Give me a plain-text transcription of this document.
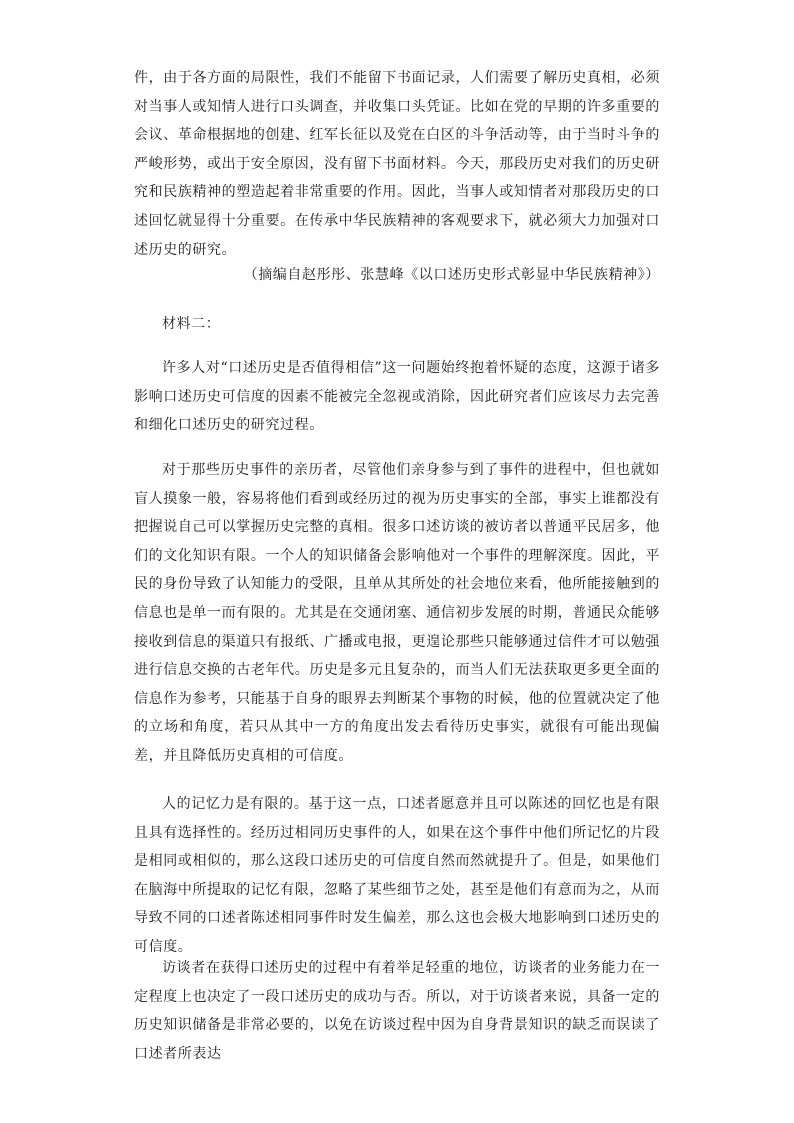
件，由于各方面的局限性，我们不能留下书面记录，人们需要了解历史真相，必须对当事人或知情人进行口头调查，并收集口头凭证。比如在党的早期的许多重要的会议、革命根据地的创建、红军长征以及党在白区的斗争活动等，由于当时斗争的严峻形势，或出于安全原因，没有留下书面材料。今天，那段历史对我们的历史研究和民族精神的塑造起着非常重要的作用。因此，当事人或知情者对那段历史的口述回忆就显得十分重要。在传承中华民族精神的客观要求下，就必须大力加强对口述历史的研究。

（摘编自赵彤彤、张慧峰《以口述历史形式彰显中华民族精神》）
材料二：

许多人对“口述历史是否值得相信”这一问题始终抱着怀疑的态度，这源于诸多影响口述历史可信度的因素不能被完全忽视或消除，因此研究者们应该尽力去完善和细化口述历史的研究过程。

对于那些历史事件的亲历者，尽管他们亲身参与到了事件的进程中，但也就如盲人摸象一般，容易将他们看到或经历过的视为历史事实的全部，事实上谁都没有把握说自己可以掌握历史完整的真相。很多口述访谈的被访者以普通平民居多，他们的文化知识有限。一个人的知识储备会影响他对一个事件的理解深度。因此，平民的身份导致了认知能力的受限，且单从其所处的社会地位来看，他所能接触到的信息也是单一而有限的。尤其是在交通闭塞、通信初步发展的时期，普通民众能够接收到信息的渠道只有报纸、广播或电报，更遑论那些只能够通过信件才可以勉强进行信息交换的古老年代。历史是多元且复杂的，而当人们无法获取更多更全面的信息作为参考，只能基于自身的眼界去判断某个事物的时候，他的位置就决定了他的立场和角度，若只从其中一方的角度出发去看待历史事实，就很有可能出现偏差，并且降低历史真相的可信度。

人的记忆力是有限的。基于这一点，口述者愿意并且可以陈述的回忆也是有限且具有选择性的。经历过相同历史事件的人，如果在这个事件中他们所记忆的片段是相同或相似的，那么这段口述历史的可信度自然而然就提升了。但是，如果他们在脑海中所提取的记忆有限，忽略了某些细节之处，甚至是他们有意而为之，从而导致不同的口述者陈述相同事件时发生偏差，那么这也会极大地影响到口述历史的可信度。

访谈者在获得口述历史的过程中有着举足轻重的地位，访谈者的业务能力在一定程度上也决定了一段口述历史的成功与否。所以，对于访谈者来说，具备一定的历史知识储备是非常必要的，以免在访谈过程中因为自身背景知识的缺乏而误读了口述者所表达
